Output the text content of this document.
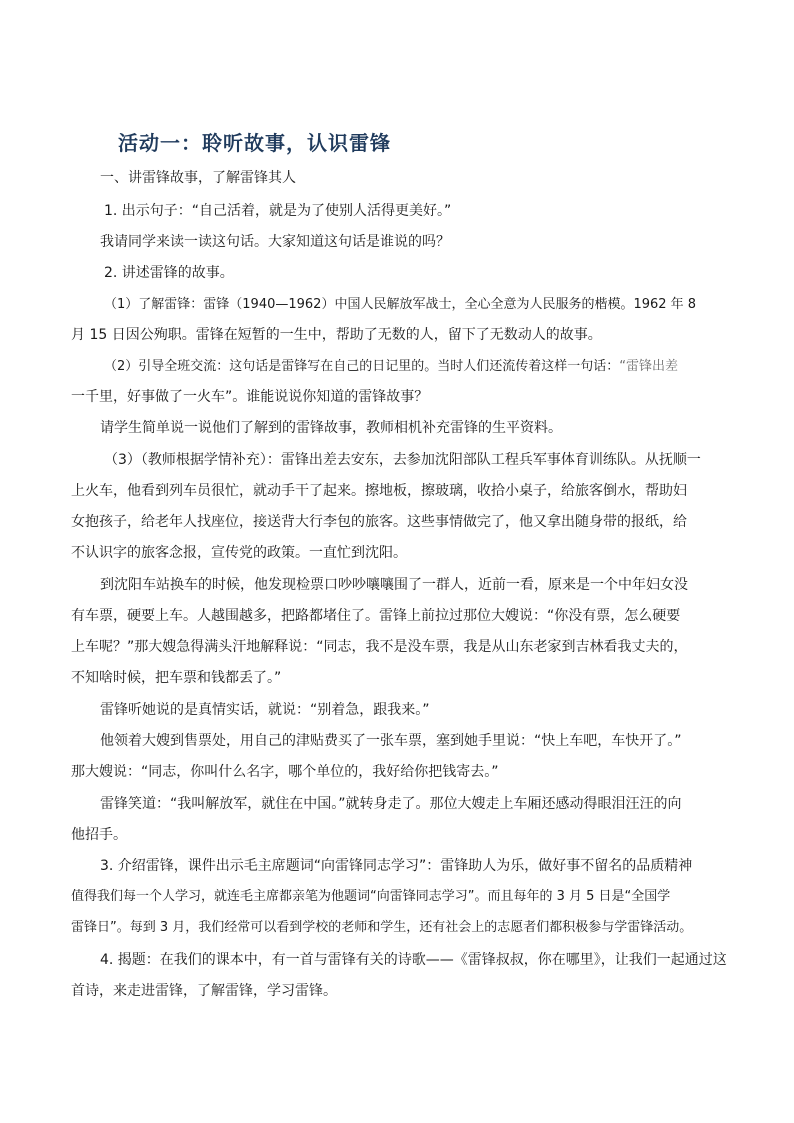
活动一：聆听故事，认识雷锋
一、讲雷锋故事，了解雷锋其人
1. 出示句子：“自己活着，就是为了使别人活得更美好。”
我请同学来读一读这句话。大家知道这句话是谁说的吗？
2. 讲述雷锋的故事。
（1）了解雷锋：雷锋（1940—1962）中国人民解放军战士，全心全意为人民服务的楷模。1962 年 8
月 15 日因公殉职。雷锋在短暂的一生中，帮助了无数的人，留下了无数动人的故事。
（2）引导全班交流：这句话是雷锋写在自己的日记里的。当时人们还流传着这样一句话：“雷锋出差
一千里，好事做了一火车”。谁能说说你知道的雷锋故事？
请学生简单说一说他们了解到的雷锋故事，教师相机补充雷锋的生平资料。
（3）（教师根据学情补充）：雷锋出差去安东，去参加沈阳部队工程兵军事体育训练队。从抚顺一
上火车，他看到列车员很忙，就动手干了起来。擦地板，擦玻璃，收拾小桌子，给旅客倒水，帮助妇
女抱孩子，给老年人找座位，接送背大行李包的旅客。这些事情做完了，他又拿出随身带的报纸，给
不认识字的旅客念报，宣传党的政策。一直忙到沈阳。
到沈阳车站换车的时候，他发现检票口吵吵嚷嚷围了一群人，近前一看，原来是一个中年妇女没
有车票，硬要上车。人越围越多，把路都堵住了。雷锋上前拉过那位大嫂说：“你没有票，怎么硬要
上车呢？”那大嫂急得满头汗地解释说：“同志，我不是没车票，我是从山东老家到吉林看我丈夫的，
不知啥时候，把车票和钱都丢了。”
雷锋听她说的是真情实话，就说：“别着急，跟我来。”
他领着大嫂到售票处，用自己的津贴费买了一张车票，塞到她手里说：“快上车吧，车快开了。”
那大嫂说：“同志，你叫什么名字，哪个单位的，我好给你把钱寄去。”
雷锋笑道：“我叫解放军，就住在中国。”就转身走了。那位大嫂走上车厢还感动得眼泪汪汪的向
他招手。
3. 介绍雷锋，课件出示毛主席题词“向雷锋同志学习”：雷锋助人为乐，做好事不留名的品质精神
值得我们每一个人学习，就连毛主席都亲笔为他题词“向雷锋同志学习”。而且每年的 3 月 5 日是“全国学
雷锋日”。每到 3 月，我们经常可以看到学校的老师和学生，还有社会上的志愿者们都积极参与学雷锋活动。
4. 揭题：在我们的课本中，有一首与雷锋有关的诗歌——《雷锋叔叔，你在哪里》，让我们一起通过这
首诗，来走进雷锋，了解雷锋，学习雷锋。
